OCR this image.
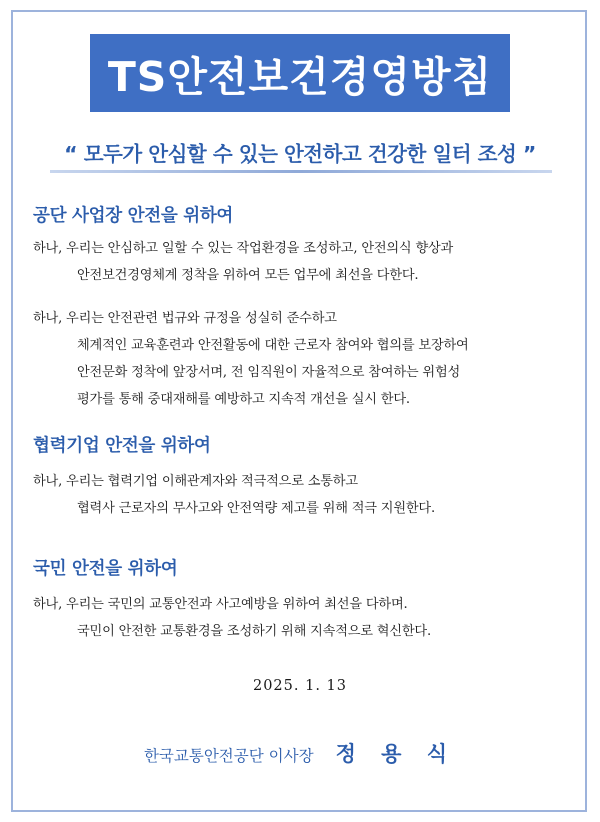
TS안전보건경영방침
“ 모두가 안심할 수 있는 안전하고 건강한 일터 조성 ”
공단 사업장 안전을 위하여
하나, 우리는 안심하고 일할 수 있는 작업환경을 조성하고, 안전의식 향상과
안전보건경영체계 정착을 위하여 모든 업무에 최선을 다한다.
하나, 우리는 안전관련 법규와 규정을 성실히 준수하고
체계적인 교육훈련과 안전활동에 대한 근로자 참여와 협의를 보장하여
안전문화 정착에 앞장서며, 전 임직원이 자율적으로 참여하는 위험성
평가를 통해 중대재해를 예방하고 지속적 개선을 실시 한다.
협력기업 안전을 위하여
하나, 우리는 협력기업 이해관계자와 적극적으로 소통하고
협력사 근로자의 무사고와 안전역량 제고를 위해 적극 지원한다.
국민 안전을 위하여
하나, 우리는 국민의 교통안전과 사고예방을 위하여 최선을 다하며.
국민이 안전한 교통환경을 조성하기 위해 지속적으로 혁신한다.
2025. 1. 13
한국교통안전공단 이사장 정 용 식
